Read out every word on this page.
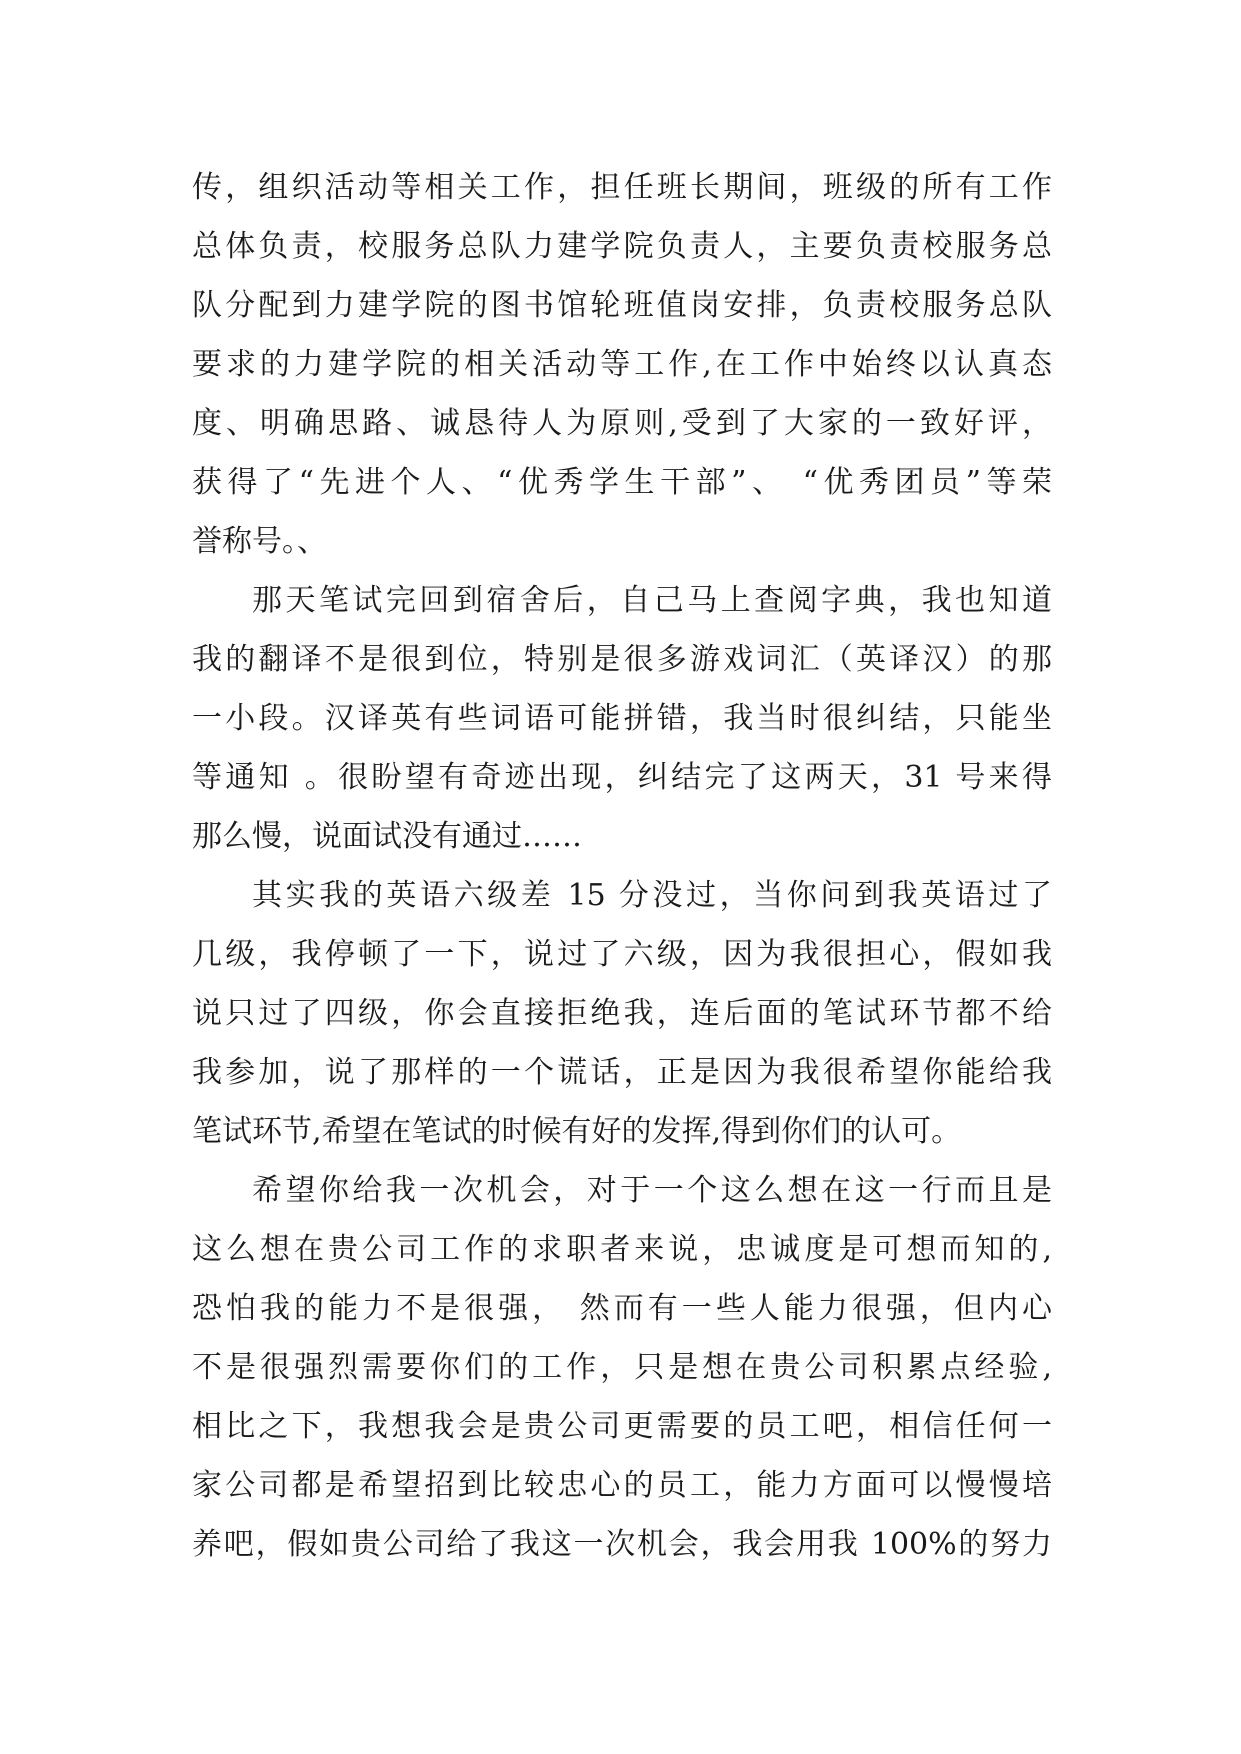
传，组织活动等相关工作，担任班长期间，班级的所有工作
总体负责，校服务总队力建学院负责人，主要负责校服务总
队分配到力建学院的图书馆轮班值岗安排，负责校服务总队
要求的力建学院的相关活动等工作,在工作中始终以认真态
度、明确思路、诚恳待人为原则,受到了大家的一致好评，
获得了“先进个人、“优秀学生干部”、 “优秀团员”等荣
誉称号。、
那天笔试完回到宿舍后，自己马上查阅字典，我也知道
我的翻译不是很到位，特别是很多游戏词汇（英译汉）的那
一小段。汉译英有些词语可能拼错，我当时很纠结，只能坐
等通知 。很盼望有奇迹出现，纠结完了这两天，31 号来得
那么慢，说面试没有通过……
其实我的英语六级差 15 分没过，当你问到我英语过了
几级，我停顿了一下，说过了六级，因为我很担心，假如我
说只过了四级，你会直接拒绝我，连后面的笔试环节都不给
我参加，说了那样的一个谎话，正是因为我很希望你能给我
笔试环节,希望在笔试的时候有好的发挥,得到你们的认可。
希望你给我一次机会，对于一个这么想在这一行而且是
这么想在贵公司工作的求职者来说，忠诚度是可想而知的,
恐怕我的能力不是很强， 然而有一些人能力很强，但内心
不是很强烈需要你们的工作，只是想在贵公司积累点经验,
相比之下，我想我会是贵公司更需要的员工吧，相信任何一
家公司都是希望招到比较忠心的员工，能力方面可以慢慢培
养吧，假如贵公司给了我这一次机会，我会用我 100%的努力
